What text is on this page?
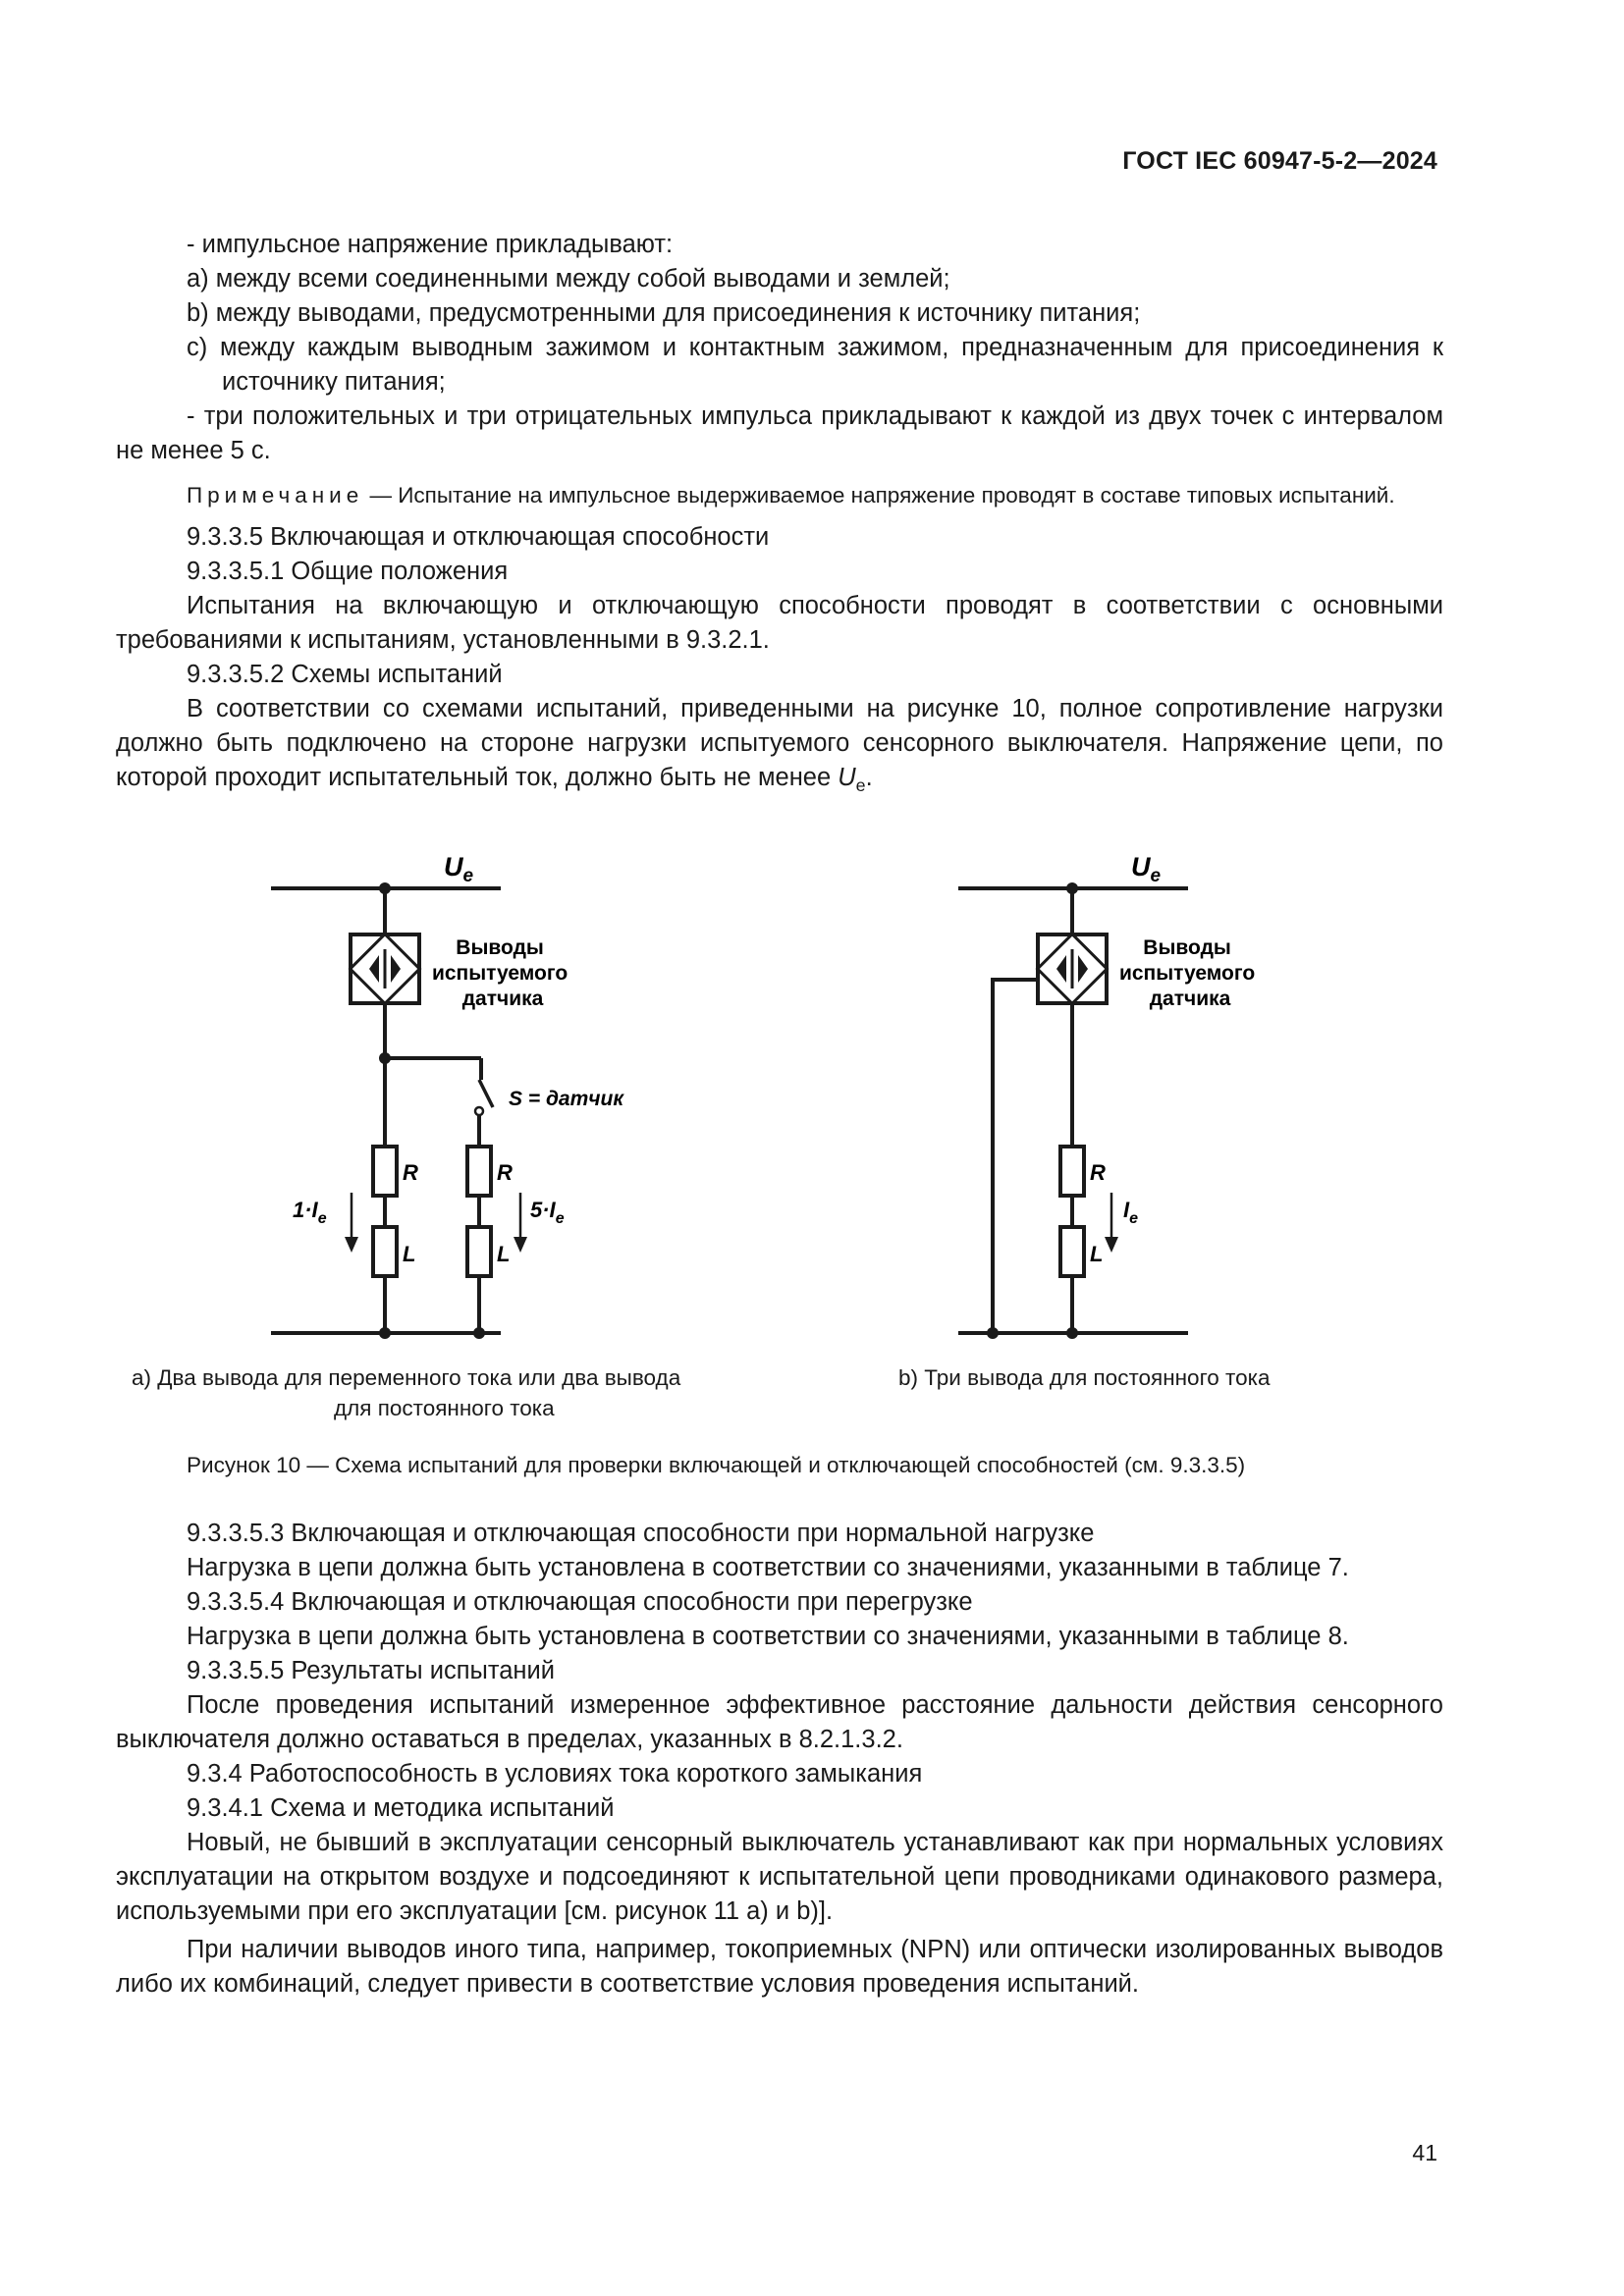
ГОСТ IEC 60947-5-2—2024

- импульсное напряжение прикладывают:

a) между всеми соединенными между собой выводами и землей;

b) между выводами, предусмотренными для присоединения к источнику питания;

c) между каждым выводным зажимом и контактным зажимом, предназначенным для присоединения к источнику питания;

- три положительных и три отрицательных импульса прикладывают к каждой из двух точек с интервалом не менее 5 с.

Примечание — Испытание на импульсное выдерживаемое напряжение проводят в составе типовых испытаний.

9.3.3.5 Включающая и отключающая способности

9.3.3.5.1 Общие положения

Испытания на включающую и отключающую способности проводят в соответствии с основными требованиями к испытаниям, установленными в 9.3.2.1.

9.3.3.5.2 Схемы испытаний

В соответствии со схемами испытаний, приведенными на рисунке 10, полное сопротивление нагрузки должно быть подключено на стороне нагрузки испытуемого сенсорного выключателя. Напряжение цепи, по которой проходит испытательный ток, должно быть не менее $U_e$.

$U_e$
Выводы испытуемого датчика
S = датчик
R	R
L	L
$1\cdot I_e$	$5\cdot I_e$
$U_e$
Выводы испытуемого датчика
R
L
$I_e$
a) Два вывода для переменного тока или два вывода
для постоянного тока
b) Три вывода для постоянного тока
Рисунок 10 — Схема испытаний для проверки включающей и отключающей способностей (см. 9.3.3.5)

9.3.3.5.3 Включающая и отключающая способности при нормальной нагрузке

Нагрузка в цепи должна быть установлена в соответствии со значениями, указанными в таблице 7.

9.3.3.5.4 Включающая и отключающая способности при перегрузке

Нагрузка в цепи должна быть установлена в соответствии со значениями, указанными в таблице 8.

9.3.3.5.5 Результаты испытаний

После проведения испытаний измеренное эффективное расстояние дальности действия сенсорного выключателя должно оставаться в пределах, указанных в 8.2.1.3.2.

9.3.4 Работоспособность в условиях тока короткого замыкания

9.3.4.1 Схема и методика испытаний

Новый, не бывший в эксплуатации сенсорный выключатель устанавливают как при нормальных условиях эксплуатации на открытом воздухе и подсоединяют к испытательной цепи проводниками одинакового размера, используемыми при его эксплуатации [см. рисунок 11 a) и b)].

При наличии выводов иного типа, например, токоприемных (NPN) или оптически изолированных выводов либо их комбинаций, следует привести в соответствие условия проведения испытаний.

41
